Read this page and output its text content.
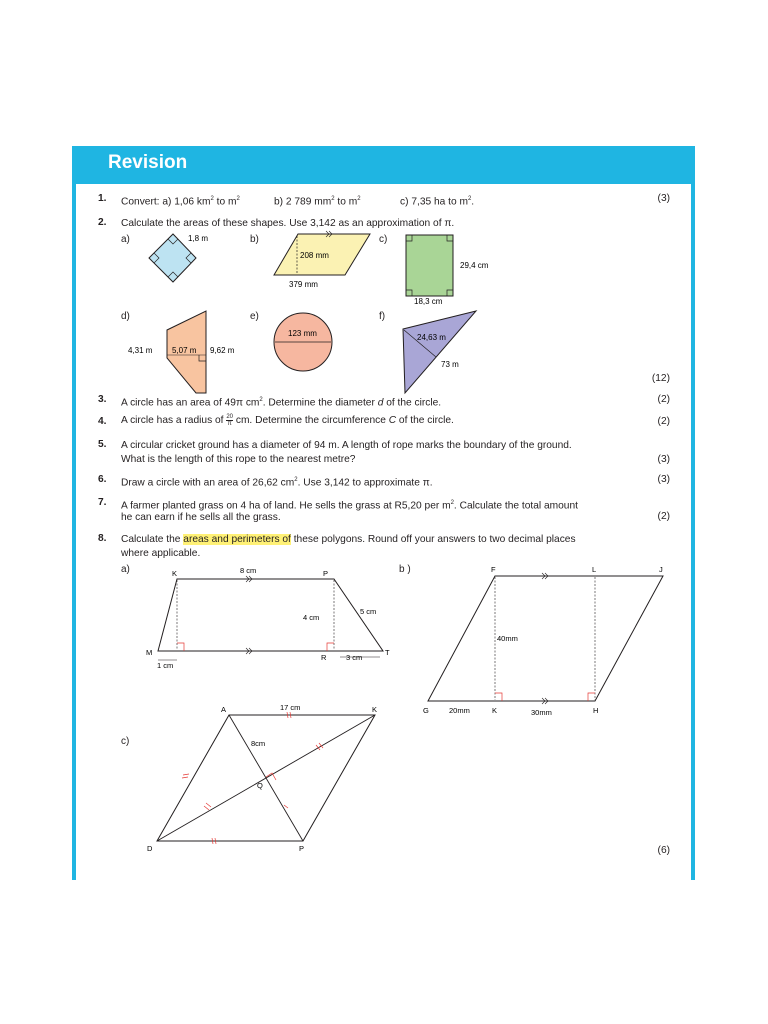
Revision
1. Convert: a) 1,06 $km^2$ to $m^2$	b) 2 789 $mm^2$ to $m^2$	c) 7,35 ha to $m^2$.	(3)
2. Calculate the areas of these shapes. Use 3,142 as an approximation of π.
a)	b)	c)
d)	e)	f)
1,8 m
208 mm
379 mm
29,4 cm
18,3 cm
4,31 m 5,07 m 9,62 m
123 mm	24,63 m
73 m
(12)
3. A circle has an area of 49π $cm^2$. Determine the diameter d of the circle.	(2)
4. A circle has a radius of $\frac{20}{\pi}$ cm. Determine the circumference C of the circle.	(2)
5. A circular cricket ground has a diameter of 94 m. A length of rope marks the boundary of the ground.
What is the length of this rope to the nearest metre?	(3)
6. Draw a circle with an area of 26,62 $cm^2$. Use 3,142 to approximate π.	(3)
7. A farmer planted grass on 4 ha of land. He sells the grass at R5,20 per $m^2$. Calculate the total amount
he can earn if he sells all the grass.	(2)
8. Calculate the areas and perimeters of these polygons. Round off your answers to two decimal places
where applicable.
a)	b )
c)
K	P
M
R
T
8 cm
4 cm
5 cm
3 cm
1 cm
F	L	J
G	K	H
40mm
20mm	30mm
A	K
D	P
Q
17 cm
8cm
(6)
